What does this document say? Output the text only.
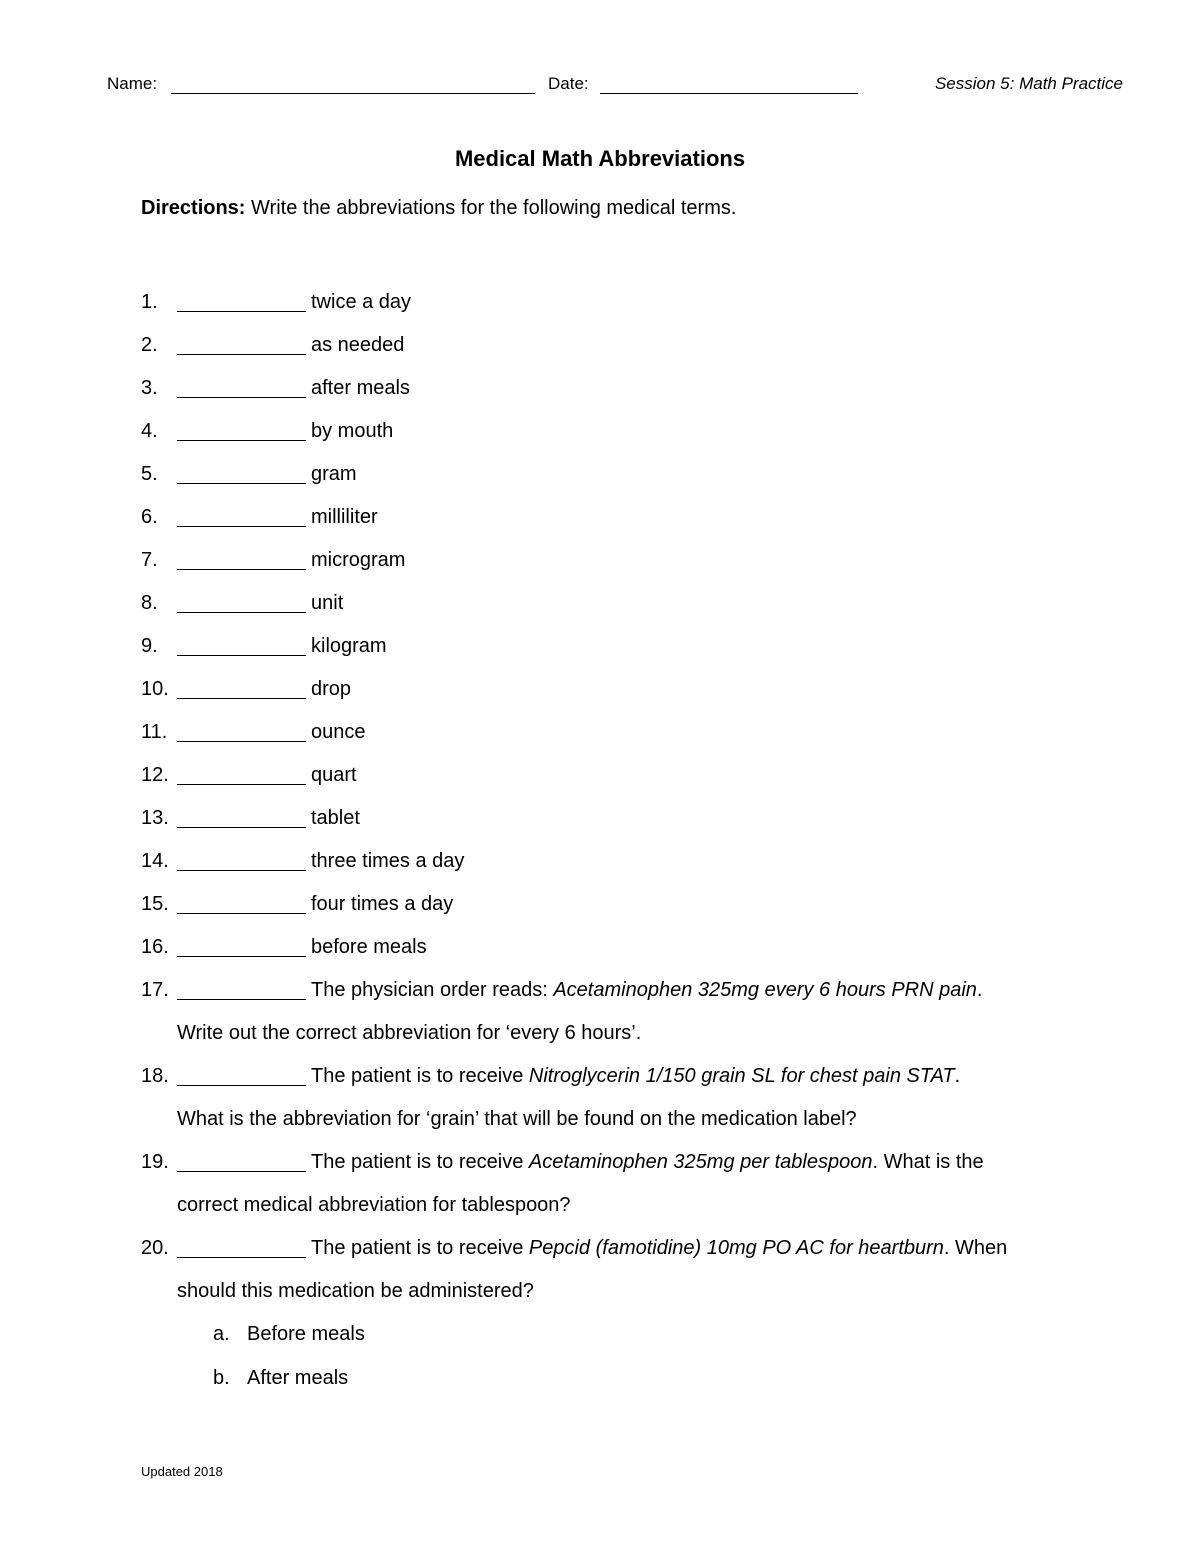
Name:	Date:	Session 5: Math Practice
Medical Math Abbreviations
Directions: Write the abbreviations for the following medical terms.
1.	twice a day
2.	as needed
3.	after meals
4.	by mouth
5.	gram
6.	milliliter
7.	microgram
8.	unit
9.	kilogram
10.	drop
11.	ounce
12.	quart
13.	tablet
14.	three times a day
15.	four times a day
16.	before meals
17.	The physician order reads: Acetaminophen 325mg every 6 hours PRN pain.
Write out the correct abbreviation for ‘every 6 hours’.
18.	The patient is to receive Nitroglycerin 1/150 grain SL for chest pain STAT.
What is the abbreviation for ‘grain’ that will be found on the medication label?
19.	The patient is to receive Acetaminophen 325mg per tablespoon. What is the
correct medical abbreviation for tablespoon?
20.	The patient is to receive Pepcid (famotidine) 10mg PO AC for heartburn. When
should this medication be administered?
a. Before meals
b. After meals
Updated 2018
